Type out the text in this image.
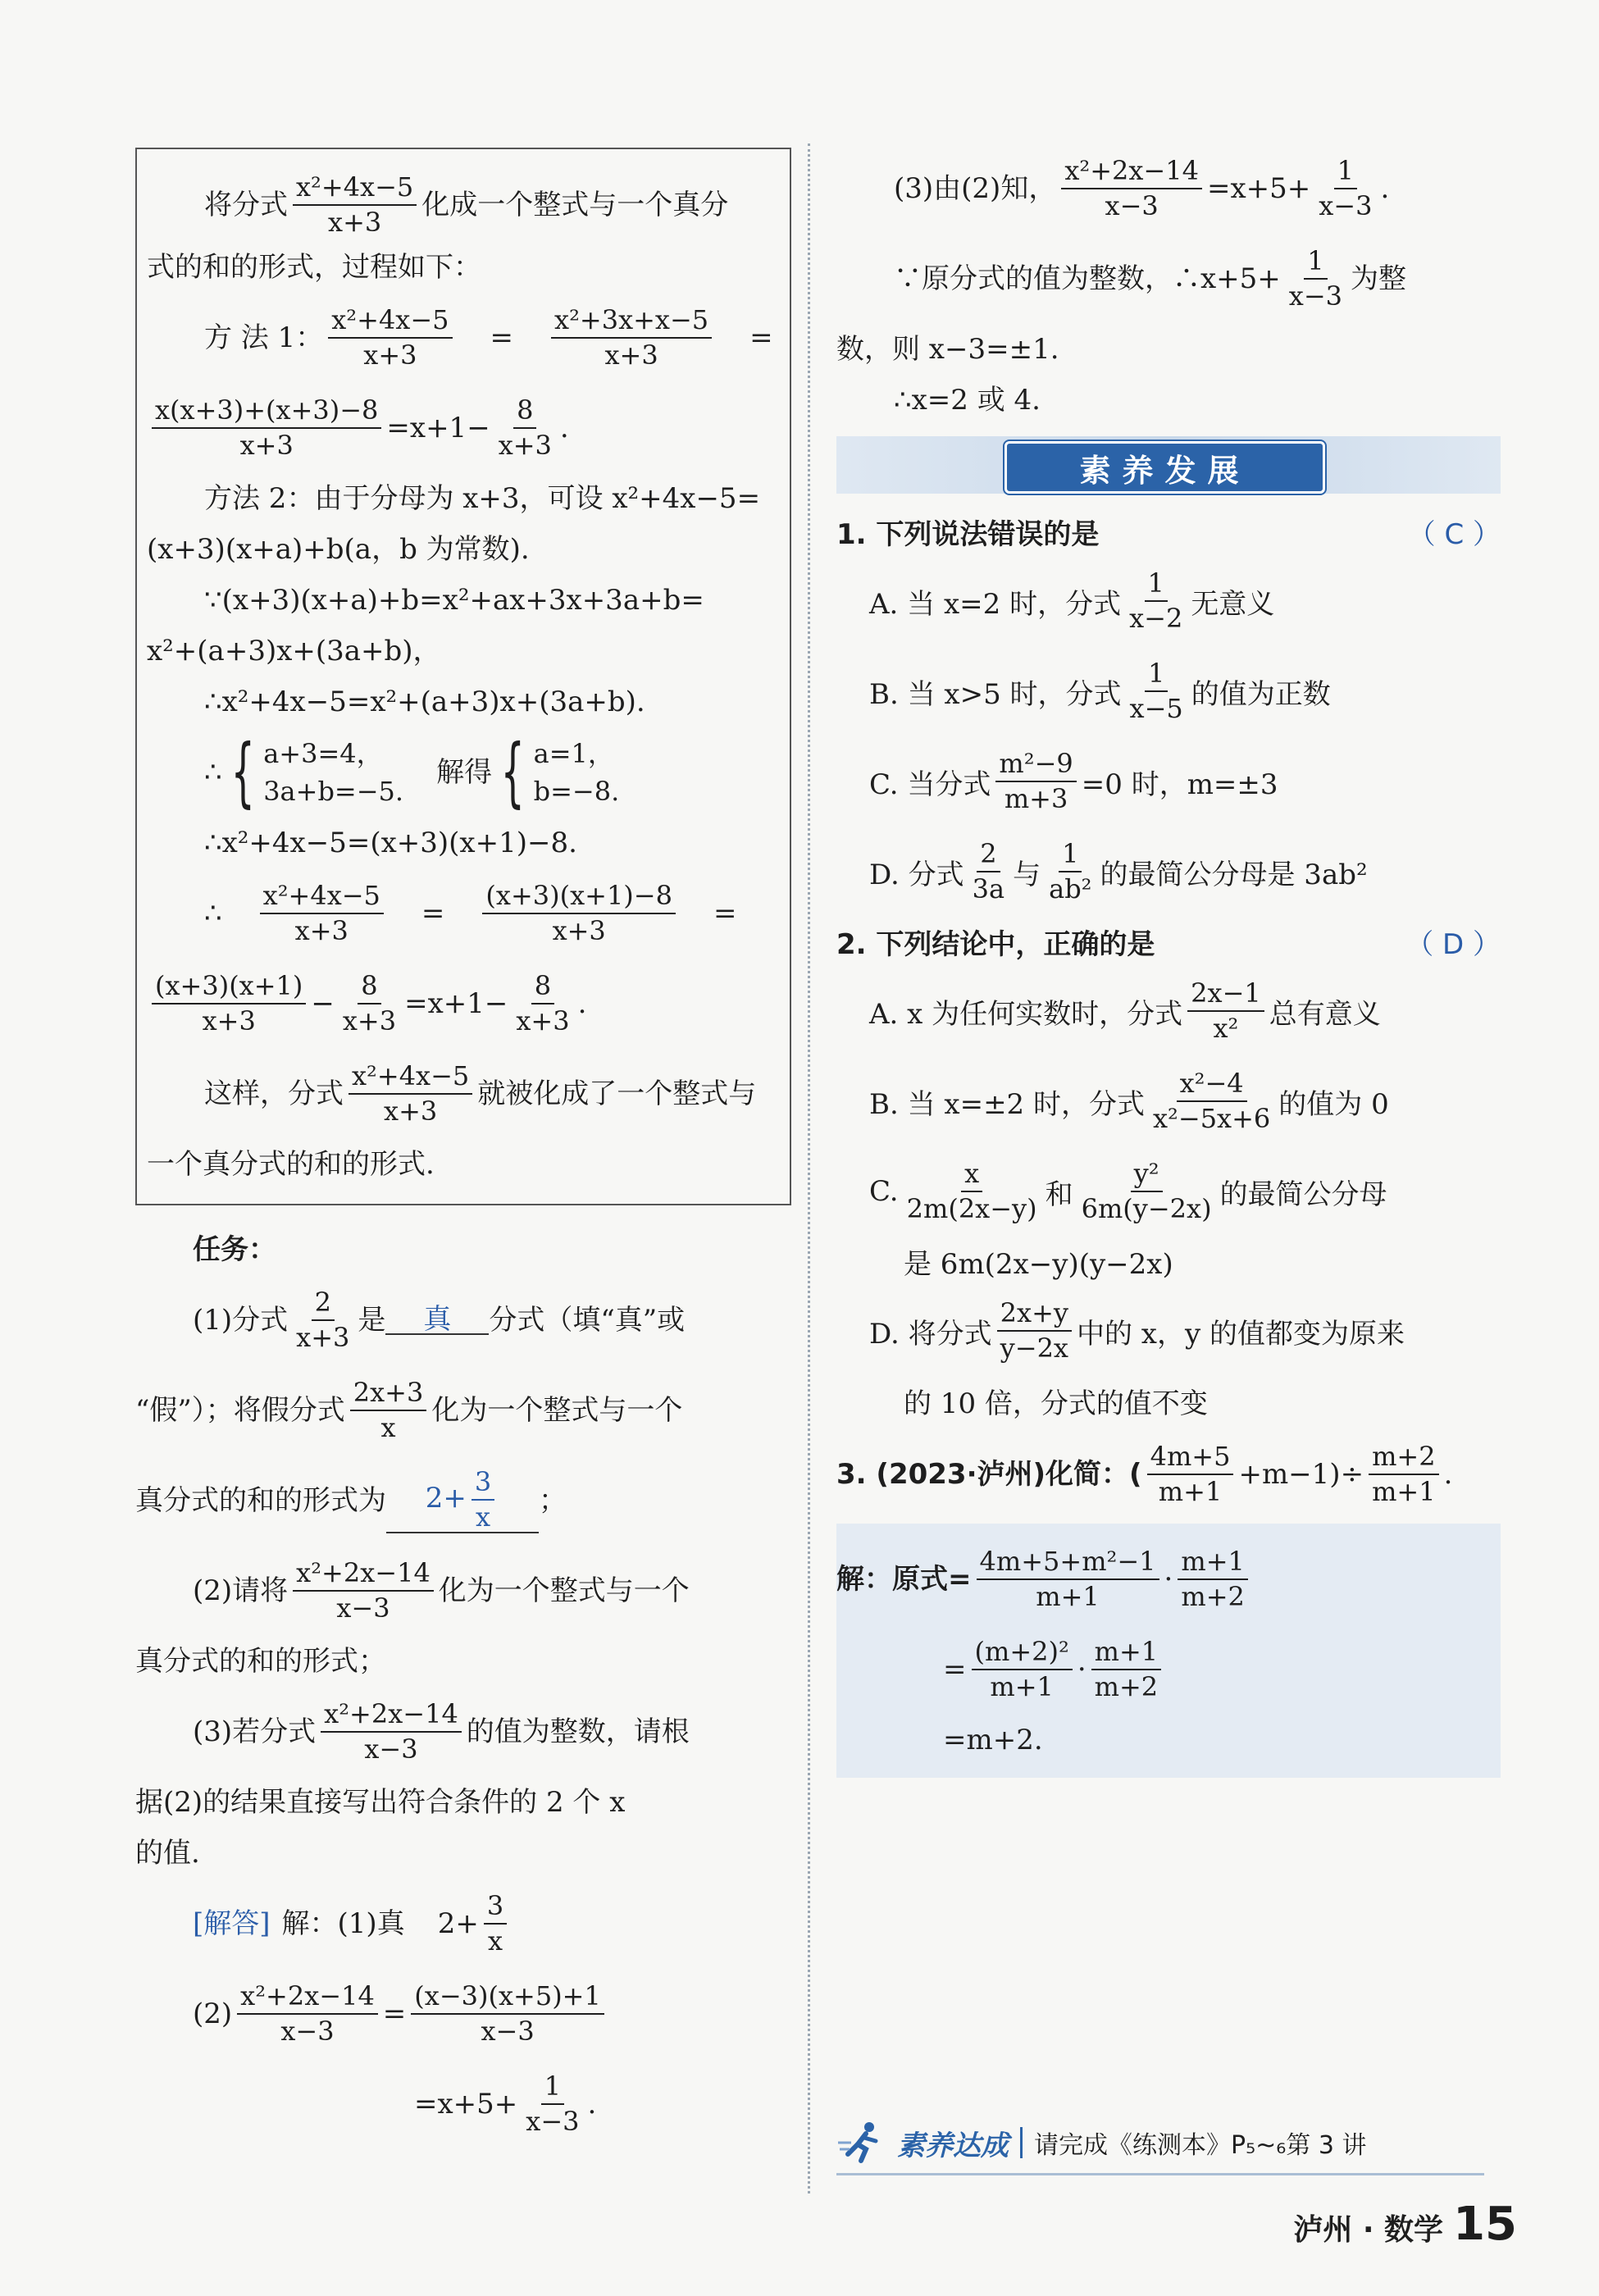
将分式 $\frac{\text{x²+4x−5}}{x+3}$ 化成一个整式与一个真分
式的和的形式，过程如下：
方 法 1： $\frac{\text{x²+4x−5}}{x+3} = \frac{\text{x²+3x+x−5}}{x+3}$ =
$\frac{x(x+3)+(x+3)-8}{x+3} =x+1- \frac{8}{x+3}$ .
方法 2：由于分母为 x+3，可设 x²+4x−5=
(x+3)(x+a)+b(a，b 为常数).
∵(x+3)(x+a)+b=x²+ax+3x+3a+b=
x²+(a+3)x+(3a+b)，
∴x²+4x−5=x²+(a+3)x+(3a+b).
∴ { a+3=4，
3a+b=−5.
解得 { a=1，
b=−8.
∴x²+4x−5=(x+3)(x+1)−8.
∴ $\frac{\text{x²+4x−5}}{x+3} = \frac{(x+3)(x+1)-8}{x+3}$ =
$\frac{(x+3)(x+1)}{x+3} - \frac{8}{x+3} =x+1- \frac{8}{x+3}$ .
这样，分式 $\frac{\text{x²+4x−5}}{x+3}$ 就被化成了一个整式与
一个真分式的和的形式.
任务：
(1)分式 $\frac{2}{x+3}$ 是	真	分式（填“真”或
“假”）；将假分式 $\frac{2x+3}{x}$ 化为一个整式与一个
真分式的和的形式为	$2+ \frac{3}{x}$ ；
(2)请将 $\frac{\text{x²+2x−14}}{x-3}$ 化为一个整式与一个
真分式的和的形式；
(3)若分式 $\frac{\text{x²+2x−14}}{x-3}$ 的值为整数，请根
据(2)的结果直接写出符合条件的 2 个 x
的值.
[解答] 解：(1)真 $2+ \frac{3}{x}$
$(2) \frac{\text{x²+2x−14}}{x-3} = \frac{(x-3)(x+5)+1}{x-3}$
$=x+5+ \frac{1}{x-3}$ .
(3)由(2)知， $\frac{\text{x²+2x−14}}{x-3} =x+5+ \frac{1}{x-3}$ .
∵原分式的值为整数，∴x+5+ $\frac{1}{x-3}$ 为整
数，则 x−3=±1.
∴x=2 或 4.
素养发展
1. 下列说法错误的是	（ C ）
A. 当 x=2 时，分式 $\frac{1}{x-2}$ 无意义
B. 当 x>5 时，分式 $\frac{1}{x-5}$ 的值为正数
C. 当分式 $\frac{\text{m²−9}}{m+3} =0$ 时，m=±3
D. 分式 $\frac{2}{3a}$ 与 $\frac{1}{\text{ab²}}$ 的最简公分母是 3ab²
2. 下列结论中，正确的是	（ D ）
A. x 为任何实数时，分式 $\frac{2x-1}{\text{x²}}$ 总有意义
B. 当 x=±2 时，分式 $\frac{\text{x²−4}}{\text{x²−5x+6}}$ 的值为 0
C. $\frac{x}{2m(2x-y)}$ 和 $\frac{\text{y²}}{6m(y-2x)}$ 的最简公分母
是 6m(2x−y)(y−2x)
D. 将分式 $\frac{2x+y}{y-2x}$ 中的 x，y 的值都变为原来
的 10 倍，分式的值不变
3. (2023·泸州)化简：( $\frac{4m+5}{m+1} +m-1)\div \frac{m+2}{m+1}$ .
解：原式= $\frac{\text{4m+5+m²−1}}{m+1} \cdot \frac{m+1}{m+2}$
= $\frac{\text{(m+2)²}}{m+1} \cdot \frac{m+1}{m+2}$
=m+2.
素养达成 请完成《练测本》P₅~₆第 3 讲
泸州 · 数学 15
